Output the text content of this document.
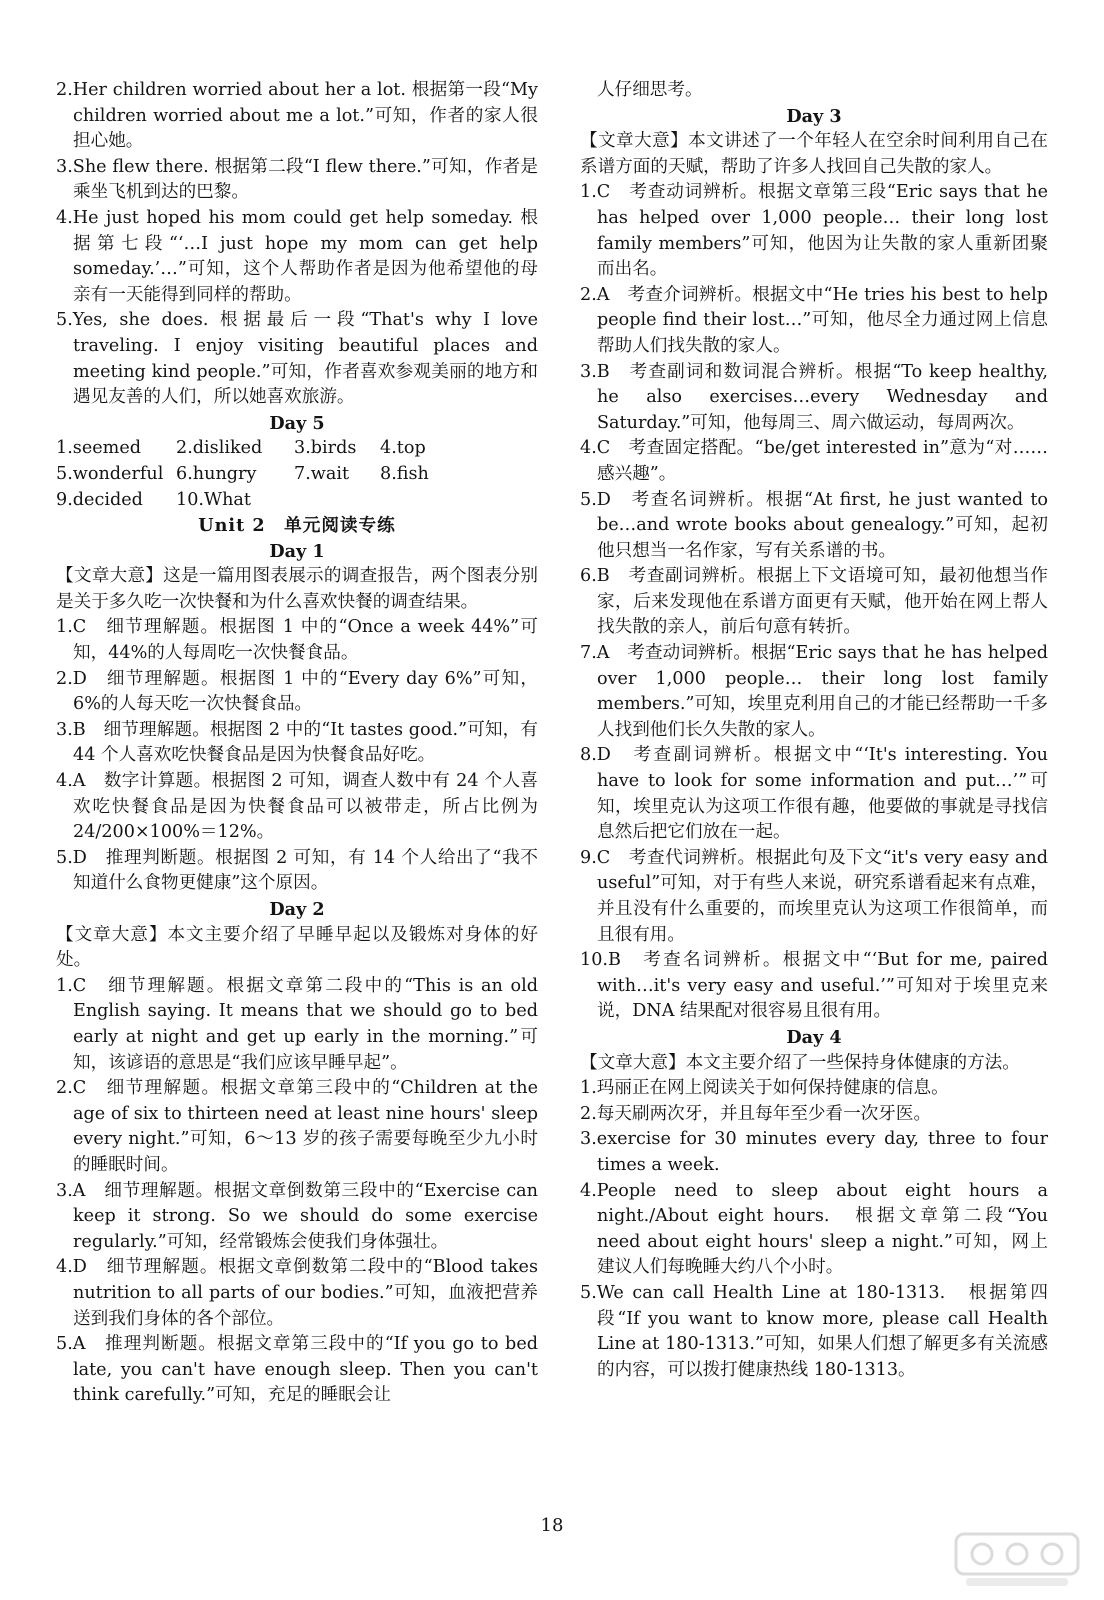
2.Her children worried about her a lot. 根据第一段“My children worried about me a lot.”可知，作者的家人很担心她。

3.She flew there. 根据第二段“I flew there.”可知，作者是乘坐飞机到达的巴黎。

4.He just hoped his mom could get help someday. 根据第七段“‘…I just hope my mom can get help someday.’…”可知，这个人帮助作者是因为他希望他的母亲有一天能得到同样的帮助。

5.Yes, she does. 根据最后一段“That's why I love traveling. I enjoy visiting beautiful places and meeting kind people.”可知，作者喜欢参观美丽的地方和遇见友善的人们，所以她喜欢旅游。

Day 5

1.seemed	2.disliked	3.birds	4.top
5.wonderful 6.hungry	7.wait	8.fish
9.decided	10.What

Unit 2　单元阅读专练

Day 1

【文章大意】这是一篇用图表展示的调查报告，两个图表分别是关于多久吃一次快餐和为什么喜欢快餐的调查结果。

1.C　细节理解题。根据图 1 中的“Once a week 44%”可知，44%的人每周吃一次快餐食品。

2.D　细节理解题。根据图 1 中的“Every day 6%”可知，6%的人每天吃一次快餐食品。

3.B　细节理解题。根据图 2 中的“It tastes good.”可知，有 44 个人喜欢吃快餐食品是因为快餐食品好吃。

4.A　数字计算题。根据图 2 可知，调查人数中有 24 个人喜欢吃快餐食品是因为快餐食品可以被带走，所占比例为 24/200×100%＝12%。

5.D　推理判断题。根据图 2 可知，有 14 个人给出了“我不知道什么食物更健康”这个原因。

Day 2

【文章大意】本文主要介绍了早睡早起以及锻炼对身体的好处。

1.C　细节理解题。根据文章第二段中的“This is an old English saying. It means that we should go to bed early at night and get up early in the morning.”可知，该谚语的意思是“我们应该早睡早起”。

2.C　细节理解题。根据文章第三段中的“Children at the age of six to thirteen need at least nine hours' sleep every night.”可知，6～13 岁的孩子需要每晚至少九小时的睡眠时间。

3.A　细节理解题。根据文章倒数第三段中的“Exercise can keep it strong. So we should do some exercise regularly.”可知，经常锻炼会使我们身体强壮。

4.D　细节理解题。根据文章倒数第二段中的“Blood takes nutrition to all parts of our bodies.”可知，血液把营养送到我们身体的各个部位。

5.A　推理判断题。根据文章第三段中的“If you go to bed late, you can't have enough sleep. Then you can't think carefully.”可知，充足的睡眠会让

人仔细思考。

Day 3

【文章大意】本文讲述了一个年轻人在空余时间利用自己在系谱方面的天赋，帮助了许多人找回自己失散的家人。

1.C　考查动词辨析。根据文章第三段“Eric says that he has helped over 1,000 people… their long lost family members”可知，他因为让失散的家人重新团聚而出名。

2.A　考查介词辨析。根据文中“He tries his best to help people find their lost…”可知，他尽全力通过网上信息帮助人们找失散的家人。

3.B　考查副词和数词混合辨析。根据“To keep healthy, he also exercises…every Wednesday and Saturday.”可知，他每周三、周六做运动，每周两次。

4.C　考查固定搭配。“be/get interested in”意为“对……感兴趣”。

5.D　考查名词辨析。根据“At first, he just wanted to be…and wrote books about genealogy.”可知，起初他只想当一名作家，写有关系谱的书。

6.B　考查副词辨析。根据上下文语境可知，最初他想当作家，后来发现他在系谱方面更有天赋，他开始在网上帮人找失散的亲人，前后句意有转折。

7.A　考查动词辨析。根据“Eric says that he has helped over 1,000 people… their long lost family members.”可知，埃里克利用自己的才能已经帮助一千多人找到他们长久失散的家人。

8.D　考查副词辨析。根据文中“‘It's interesting. You have to look for some information and put…’”可知，埃里克认为这项工作很有趣，他要做的事就是寻找信息然后把它们放在一起。

9.C　考查代词辨析。根据此句及下文“it's very easy and useful”可知，对于有些人来说，研究系谱看起来有点难，并且没有什么重要的，而埃里克认为这项工作很简单，而且很有用。

10.B　考查名词辨析。根据文中“‘But for me, paired with…it's very easy and useful.’”可知对于埃里克来说，DNA 结果配对很容易且很有用。

Day 4

【文章大意】本文主要介绍了一些保持身体健康的方法。

1.玛丽正在网上阅读关于如何保持健康的信息。

2.每天刷两次牙，并且每年至少看一次牙医。

3.exercise for 30 minutes every day, three to four times a week.

4.People need to sleep about eight hours a night./About eight hours.　根据文章第二段“You need about eight hours' sleep a night.”可知，网上建议人们每晚睡大约八个小时。

5.We can call Health Line at 180-1313.　根据第四段“If you want to know more, please call Health Line at 180-1313.”可知，如果人们想了解更多有关流感的内容，可以拨打健康热线 180-1313。

18
